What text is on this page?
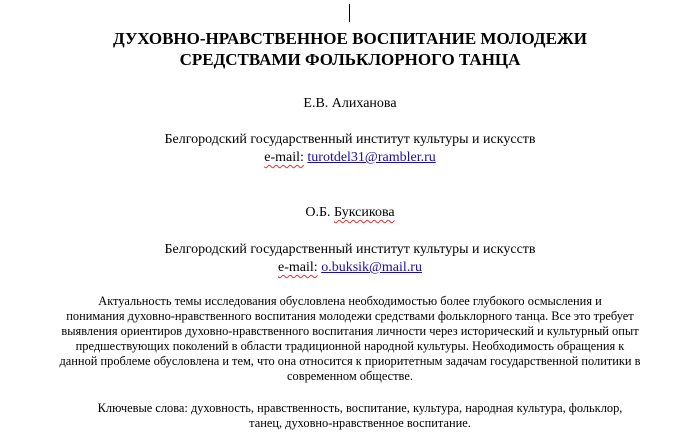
ДУХОВНО-НРАВСТВЕННОЕ ВОСПИТАНИЕ МОЛОДЕЖИ
СРЕДСТВАМИ ФОЛЬКЛОРНОГО ТАНЦА
Е.В. Алиханова
Белгородский государственный институт культуры и искусств
e-mail: turotdel31@rambler.ru
О.Б. Буксикова
Белгородский государственный институт культуры и искусств
e-mail: o.buksik@mail.ru
Актуальность темы исследования обусловлена необходимостью более глубокого осмысления и
понимания духовно-нравственного воспитания молодежи средствами фольклорного танца. Все это требует
выявления ориентиров духовно-нравственного воспитания личности через исторический и культурный опыт
предшествующих поколений в области традиционной народной культуры. Необходимость обращения к
данной проблеме обусловлена и тем, что она относится к приоритетным задачам государственной политики в
современном обществе.
Ключевые слова: духовность, нравственность, воспитание, культура, народная культура, фольклор,
танец, духовно-нравственное воспитание.
